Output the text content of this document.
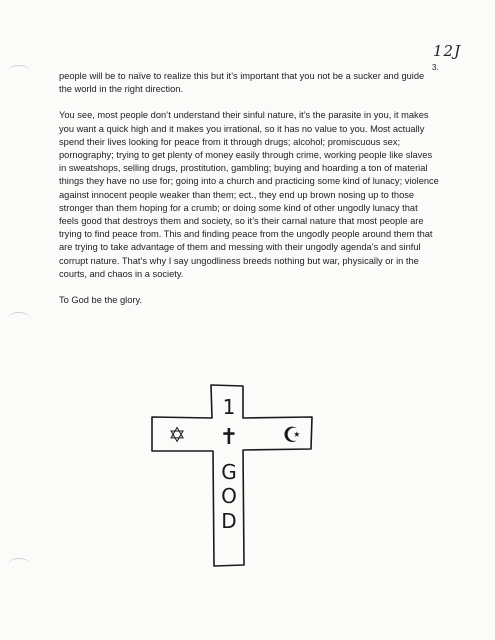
12J
3.

people will be to naïve to realize this but it’s important that you not be a sucker and guide the world in the right direction.

You see, most people don’t understand their sinful nature, it’s the parasite in you, it makes you want a quick high and it makes you irrational, so it has no value to you. Most actually spend their lives looking for peace from it through drugs; alcohol; promiscuous sex; pornography; trying to get plenty of money easily through crime, working people like slaves in sweatshops, selling drugs, prostitution, gambling; buying and hoarding a ton of material things they have no use for; going into a church and practicing some kind of lunacy; violence against innocent people weaker than them; ect., they end up brown nosing up to those stronger than them hoping for a crumb; or doing some kind of other ungodly lunacy that feels good that destroys them and society, so it’s their carnal nature that most people are trying to find peace from. This and finding peace from the ungodly people around them that are trying to take advantage of them and messing with their ungodly agenda’s and sinful corrupt nature. That’s why I say ungodliness breeds nothing but war, physically or in the courts, and chaos in a society.

To God be the glory.

1
✝
✡	☪
G
O
D
